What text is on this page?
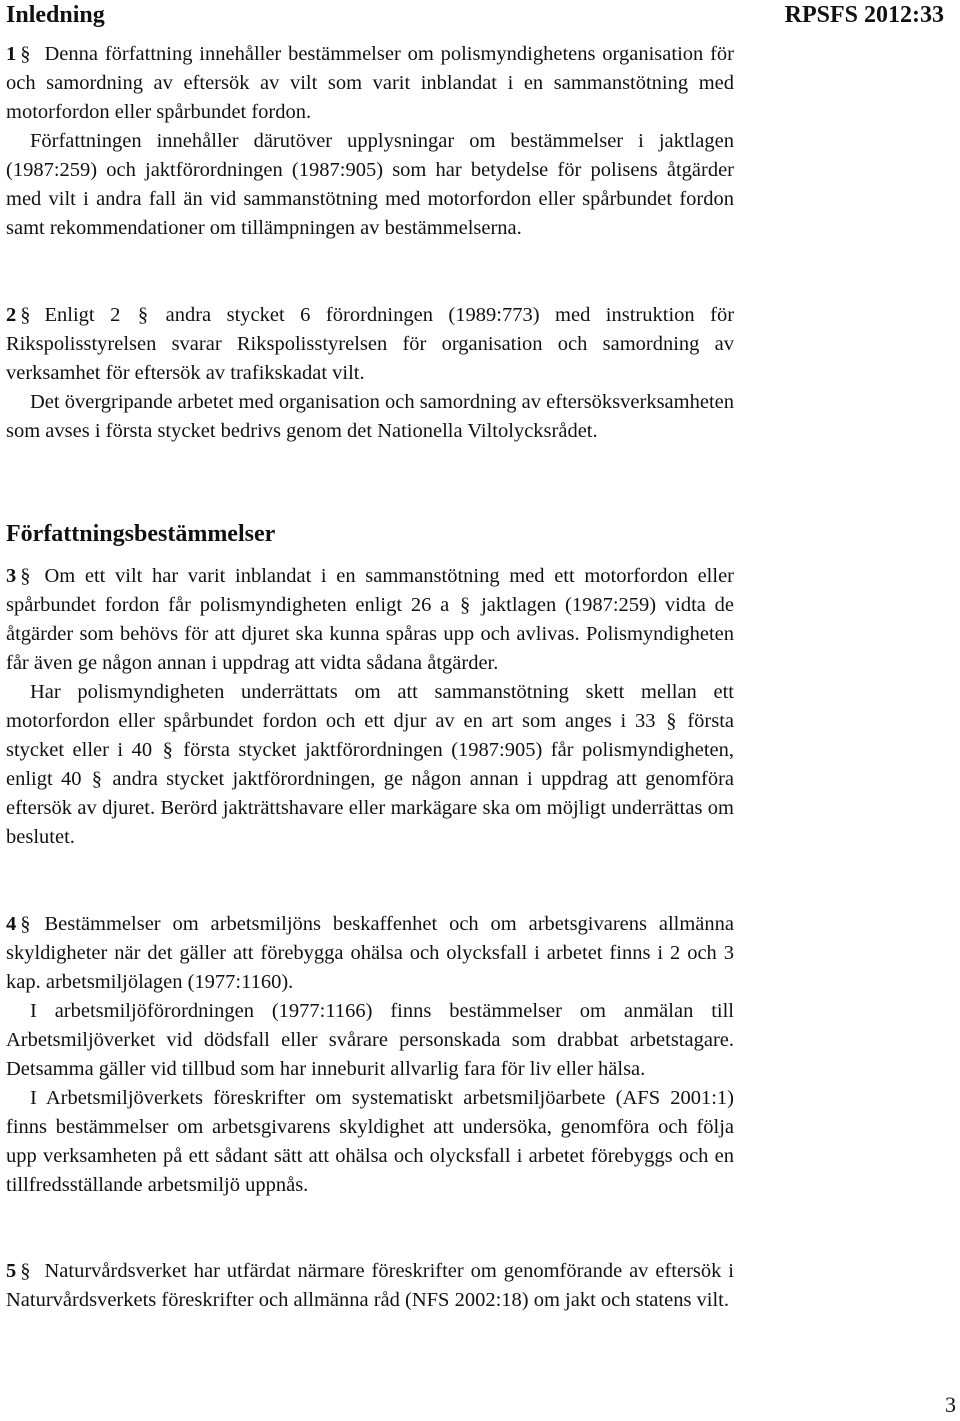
Inledning	RPSFS 2012:33

1 § Denna författning innehåller bestämmelser om polismyndighetens organisation för och samordning av eftersök av vilt som varit inblandat i en sammanstötning med motorfordon eller spårbundet fordon.

Författningen innehåller därutöver upplysningar om bestämmelser i jaktlagen (1987:259) och jaktförordningen (1987:905) som har betydelse för polisens åtgärder med vilt i andra fall än vid sammanstötning med motorfordon eller spårbundet fordon samt rekommendationer om tillämpningen av bestämmelserna.

2 § Enligt 2 § andra stycket 6 förordningen (1989:773) med instruktion för Rikspolisstyrelsen svarar Rikspolisstyrelsen för organisation och samordning av verksamhet för eftersök av trafikskadat vilt.

Det övergripande arbetet med organisation och samordning av eftersöksverksamheten som avses i första stycket bedrivs genom det Nationella Viltolycksrådet.

Författningsbestämmelser

3 § Om ett vilt har varit inblandat i en sammanstötning med ett motorfordon eller spårbundet fordon får polismyndigheten enligt 26 a § jaktlagen (1987:259) vidta de åtgärder som behövs för att djuret ska kunna spåras upp och avlivas. Polismyndigheten får även ge någon annan i uppdrag att vidta sådana åtgärder.

Har polismyndigheten underrättats om att sammanstötning skett mellan ett motorfordon eller spårbundet fordon och ett djur av en art som anges i 33 § första stycket eller i 40 § första stycket jaktförordningen (1987:905) får polismyndigheten, enligt 40 § andra stycket jaktförordningen, ge någon annan i uppdrag att genomföra eftersök av djuret. Berörd jakträttshavare eller markägare ska om möjligt underrättas om beslutet.

4 § Bestämmelser om arbetsmiljöns beskaffenhet och om arbetsgivarens allmänna skyldigheter när det gäller att förebygga ohälsa och olycksfall i arbetet finns i 2 och 3 kap. arbetsmiljölagen (1977:1160).

I arbetsmiljöförordningen (1977:1166) finns bestämmelser om anmälan till Arbetsmiljöverket vid dödsfall eller svårare personskada som drabbat arbetstagare. Detsamma gäller vid tillbud som har inneburit allvarlig fara för liv eller hälsa.

I Arbetsmiljöverkets föreskrifter om systematiskt arbetsmiljöarbete (AFS 2001:1) finns bestämmelser om arbetsgivarens skyldighet att undersöka, genomföra och följa upp verksamheten på ett sådant sätt att ohälsa och olycksfall i arbetet förebyggs och en tillfredsställande arbetsmiljö uppnås.

5 § Naturvårdsverket har utfärdat närmare föreskrifter om genomförande av eftersök i Naturvårdsverkets föreskrifter och allmänna råd (NFS 2002:18) om jakt och statens vilt.

3
